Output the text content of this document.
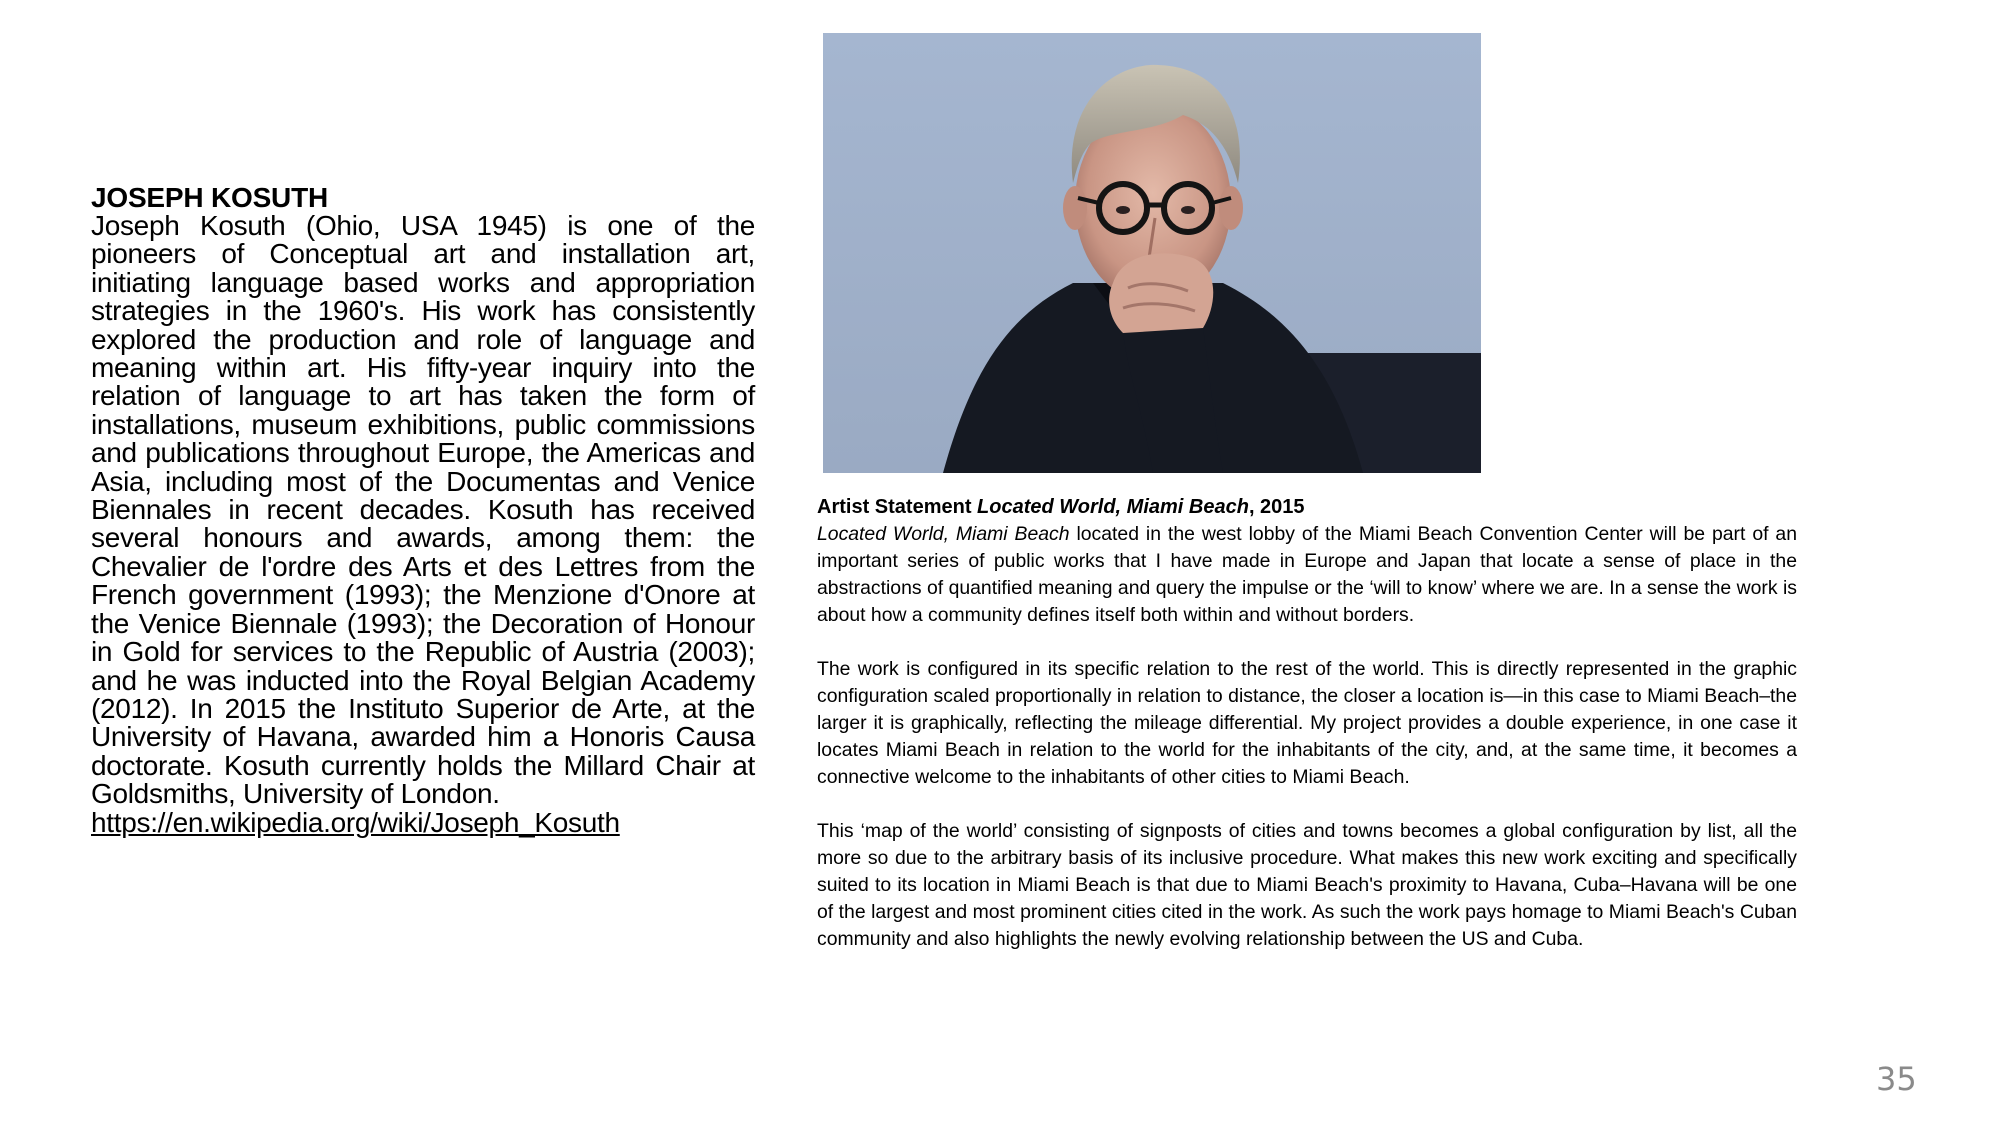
JOSEPH KOSUTH

Joseph Kosuth (Ohio, USA 1945) is one of the pioneers of Conceptual art and installation art, initiating language based works and appropriation strategies in the 1960's. His work has consistently explored the production and role of language and meaning within art. His fifty-year inquiry into the relation of language to art has taken the form of installations, museum exhibitions, public commissions and publications throughout Europe, the Americas and Asia, including most of the Documentas and Venice Biennales in recent decades. Kosuth has received several honours and awards, among them: the Chevalier de l'ordre des Arts et des Lettres from the French government (1993); the Menzione d'Onore at the Venice Biennale (1993); the Decoration of Honour in Gold for services to the Republic of Austria (2003); and he was inducted into the Royal Belgian Academy (2012). In 2015 the Instituto Superior de Arte, at the University of Havana, awarded him a Honoris Causa doctorate. Kosuth currently holds the Millard Chair at Goldsmiths, University of London.

https://en.wikipedia.org/wiki/Joseph_Kosuth

Artist Statement Located World, Miami Beach, 2015

Located World, Miami Beach located in the west lobby of the Miami Beach Convention Center will be part of an important series of public works that I have made in Europe and Japan that locate a sense of place in the abstractions of quantified meaning and query the impulse or the ‘will to know’ where we are. In a sense the work is about how a community defines itself both within and without borders.

The work is configured in its specific relation to the rest of the world. This is directly represented in the graphic configuration scaled proportionally in relation to distance, the closer a location is—in this case to Miami Beach–the larger it is graphically, reflecting the mileage differential. My project provides a double experience, in one case it locates Miami Beach in relation to the world for the inhabitants of the city, and, at the same time, it becomes a connective welcome to the inhabitants of other cities to Miami Beach.

This ‘map of the world’ consisting of signposts of cities and towns becomes a global configuration by list, all the more so due to the arbitrary basis of its inclusive procedure. What makes this new work exciting and specifically suited to its location in Miami Beach is that due to Miami Beach's proximity to Havana, Cuba–Havana will be one of the largest and most prominent cities cited in the work. As such the work pays homage to Miami Beach's Cuban community and also highlights the newly evolving relationship between the US and Cuba.

35
